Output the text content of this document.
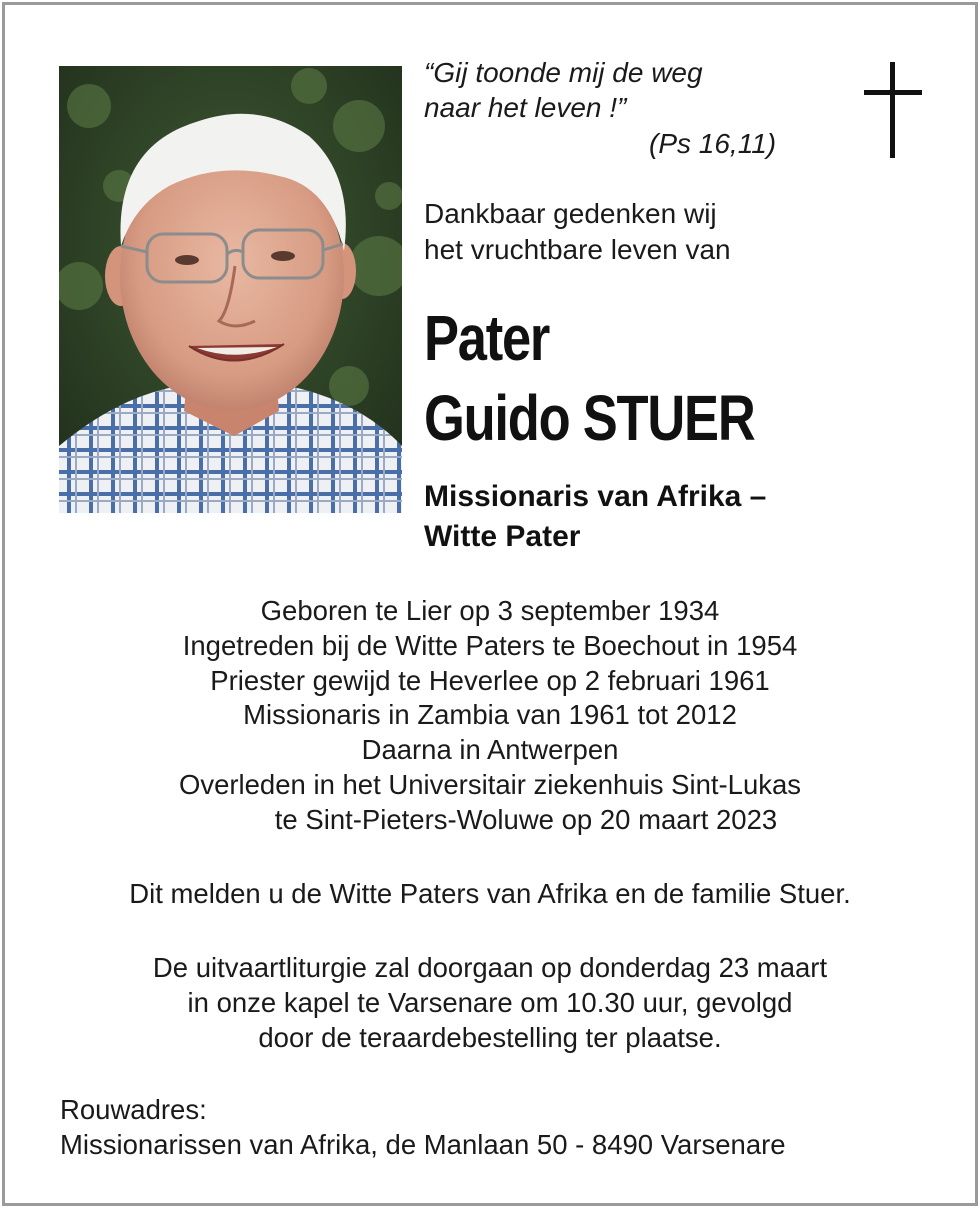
“Gij toonde mij de weg
naar het leven !”
(Ps 16,11)
Dankbaar gedenken wij
het vruchtbare leven van
Pater
Guido STUER
Missionaris van Afrika –
Witte Pater
Geboren te Lier op 3 september 1934
Ingetreden bij de Witte Paters te Boechout in 1954
Priester gewijd te Heverlee op 2 februari 1961
Missionaris in Zambia van 1961 tot 2012
Daarna in Antwerpen
Overleden in het Universitair ziekenhuis Sint-Lukas
te Sint-Pieters-Woluwe op 20 maart 2023
Dit melden u de Witte Paters van Afrika en de familie Stuer.
De uitvaartliturgie zal doorgaan op donderdag 23 maart
in onze kapel te Varsenare om 10.30 uur, gevolgd
door de teraardebestelling ter plaatse.
Rouwadres:
Missionarissen van Afrika, de Manlaan 50 - 8490 Varsenare
